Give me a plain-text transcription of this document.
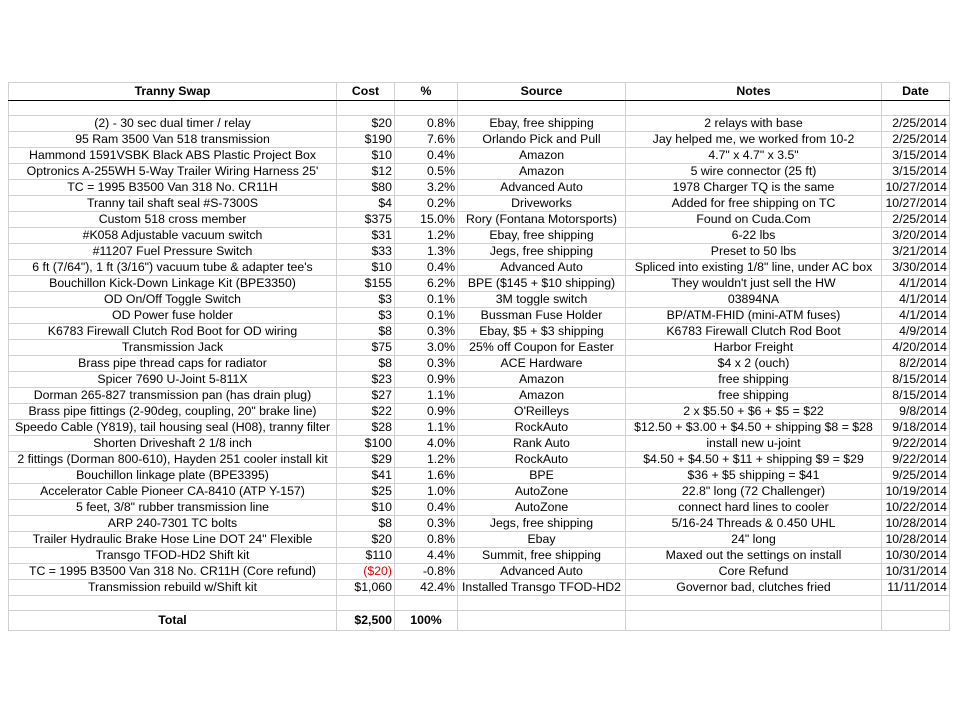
Tranny Swap	Cost	%	Source	Notes	Date

(2) - 30 sec dual timer / relay	$20	0.8%	Ebay, free shipping	2 relays with base	2/25/2014
95 Ram 3500 Van 518 transmission	$190	7.6%	Orlando Pick and Pull	Jay helped me, we worked from 10-2	2/25/2014
Hammond 1591VSBK Black ABS Plastic Project Box	$10	0.4%	Amazon	4.7" x 4.7" x 3.5"	3/15/2014
Optronics A-255WH 5-Way Trailer Wiring Harness 25'	$12	0.5%	Amazon	5 wire connector (25 ft)	3/15/2014
TC = 1995 B3500 Van 318 No. CR11H	$80	3.2%	Advanced Auto	1978 Charger TQ is the same	10/27/2014
Tranny tail shaft seal #S-7300S	$4	0.2%	Driveworks	Added for free shipping on TC	10/27/2014
Custom 518 cross member	$375	15.0%	Rory (Fontana Motorsports)	Found on Cuda.Com	2/25/2014
#K058 Adjustable vacuum switch	$31	1.2%	Ebay, free shipping	6-22 lbs	3/20/2014
#11207 Fuel Pressure Switch	$33	1.3%	Jegs, free shipping	Preset to 50 lbs	3/21/2014
6 ft (7/64"), 1 ft (3/16") vacuum tube & adapter tee's	$10	0.4%	Advanced Auto	Spliced into existing 1/8" line, under AC box	3/30/2014
Bouchillon Kick-Down Linkage Kit (BPE3350)	$155	6.2%	BPE ($145 + $10 shipping)	They wouldn't just sell the HW	4/1/2014
OD On/Off Toggle Switch	$3	0.1%	3M toggle switch	03894NA	4/1/2014
OD Power fuse holder	$3	0.1%	Bussman Fuse Holder	BP/ATM-FHID (mini-ATM fuses)	4/1/2014
K6783 Firewall Clutch Rod Boot for OD wiring	$8	0.3%	Ebay, $5 + $3 shipping	K6783 Firewall Clutch Rod Boot	4/9/2014
Transmission Jack	$75	3.0%	25% off Coupon for Easter	Harbor Freight	4/20/2014
Brass pipe thread caps for radiator	$8	0.3%	ACE Hardware	$4 x 2 (ouch)	8/2/2014
Spicer 7690 U-Joint 5-811X	$23	0.9%	Amazon	free shipping	8/15/2014
Dorman 265-827 transmission pan (has drain plug)	$27	1.1%	Amazon	free shipping	8/15/2014
Brass pipe fittings (2-90deg, coupling, 20" brake line)	$22	0.9%	O'Reilleys	2 x $5.50 + $6 + $5 = $22	9/8/2014
Speedo Cable (Y819), tail housing seal (H08), tranny filter	$28	1.1%	RockAuto	$12.50 + $3.00 + $4.50 + shipping $8 = $28	9/18/2014
Shorten Driveshaft 2 1/8 inch	$100	4.0%	Rank Auto	install new u-joint	9/22/2014
2 fittings (Dorman 800-610), Hayden 251 cooler install kit	$29	1.2%	RockAuto	$4.50 + $4.50 + $11 + shipping $9 = $29	9/22/2014
Bouchillon linkage plate (BPE3395)	$41	1.6%	BPE	$36 + $5 shipping = $41	9/25/2014
Accelerator Cable Pioneer CA-8410 (ATP Y-157)	$25	1.0%	AutoZone	22.8" long (72 Challenger)	10/19/2014
5 feet, 3/8" rubber transmission line	$10	0.4%	AutoZone	connect hard lines to cooler	10/22/2014
ARP 240-7301 TC bolts	$8	0.3%	Jegs, free shipping	5/16-24 Threads & 0.450 UHL	10/28/2014
Trailer Hydraulic Brake Hose Line DOT 24" Flexible	$20	0.8%	Ebay	24" long	10/28/2014
Transgo TFOD-HD2 Shift kit	$110	4.4%	Summit, free shipping	Maxed out the settings on install	10/30/2014
TC = 1995 B3500 Van 318 No. CR11H (Core refund)	($20)	-0.8%	Advanced Auto	Core Refund	10/31/2014
Transmission rebuild w/Shift kit	$1,060	42.4%	Installed Transgo TFOD-HD2	Governor bad, clutches fried	11/11/2014

Total	$2,500	100%			
